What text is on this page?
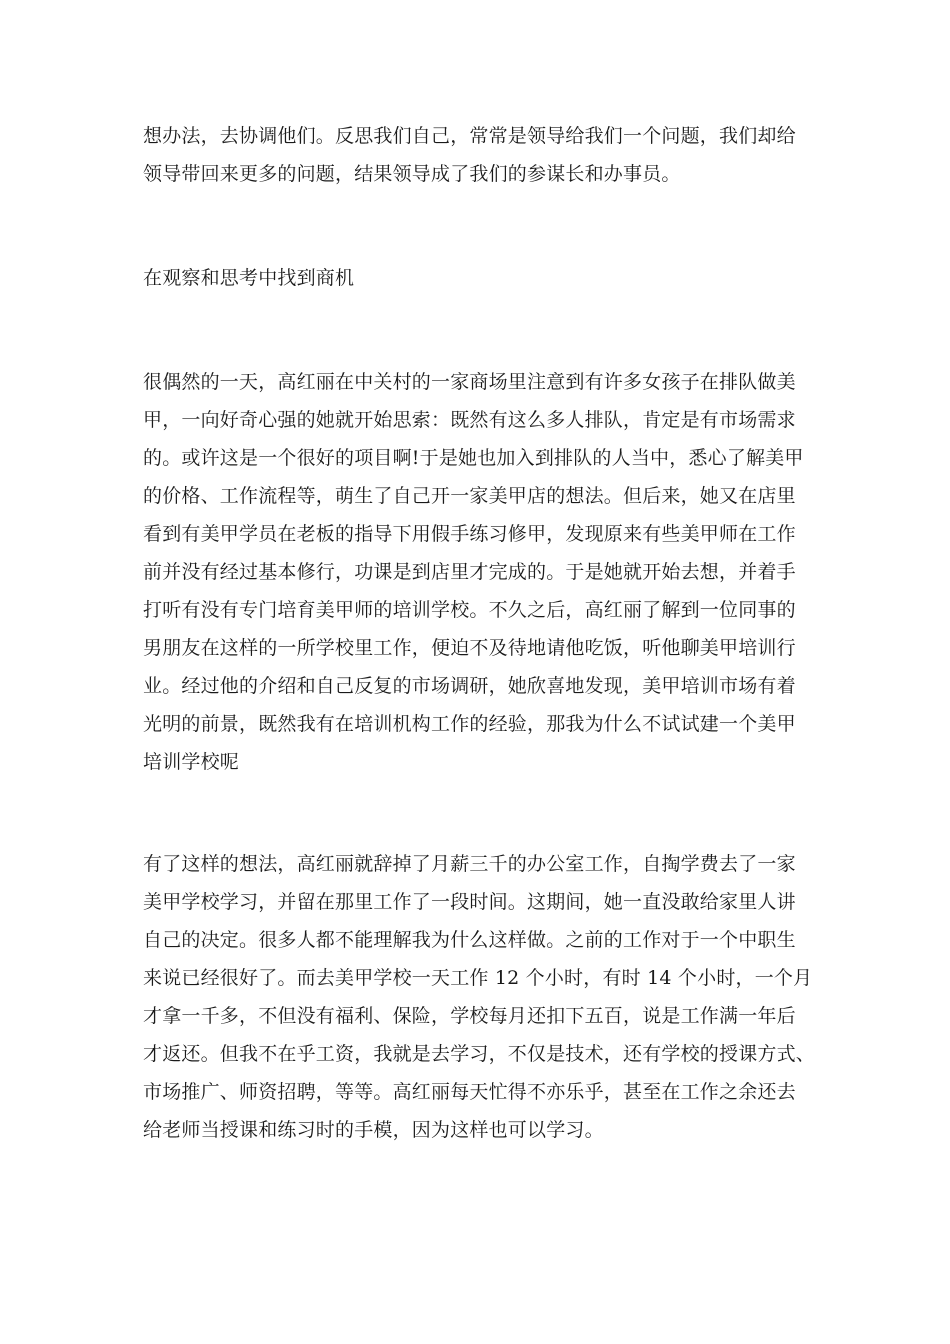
想办法，去协调他们。反思我们自己，常常是领导给我们一个问题，我们却给
领导带回来更多的问题，结果领导成了我们的参谋长和办事员。
在观察和思考中找到商机
很偶然的一天，高红丽在中关村的一家商场里注意到有许多女孩子在排队做美
甲，一向好奇心强的她就开始思索：既然有这么多人排队，肯定是有市场需求
的。或许这是一个很好的项目啊!于是她也加入到排队的人当中，悉心了解美甲
的价格、工作流程等，萌生了自己开一家美甲店的想法。但后来，她又在店里
看到有美甲学员在老板的指导下用假手练习修甲，发现原来有些美甲师在工作
前并没有经过基本修行，功课是到店里才完成的。于是她就开始去想，并着手
打听有没有专门培育美甲师的培训学校。不久之后，高红丽了解到一位同事的
男朋友在这样的一所学校里工作，便迫不及待地请他吃饭，听他聊美甲培训行
业。经过他的介绍和自己反复的市场调研，她欣喜地发现，美甲培训市场有着
光明的前景，既然我有在培训机构工作的经验，那我为什么不试试建一个美甲
培训学校呢
有了这样的想法，高红丽就辞掉了月薪三千的办公室工作，自掏学费去了一家
美甲学校学习，并留在那里工作了一段时间。这期间，她一直没敢给家里人讲
自己的决定。很多人都不能理解我为什么这样做。之前的工作对于一个中职生
来说已经很好了。而去美甲学校一天工作 12 个小时，有时 14 个小时，一个月
才拿一千多，不但没有福利、保险，学校每月还扣下五百，说是工作满一年后
才返还。但我不在乎工资，我就是去学习，不仅是技术，还有学校的授课方式、
市场推广、师资招聘，等等。高红丽每天忙得不亦乐乎，甚至在工作之余还去
给老师当授课和练习时的手模，因为这样也可以学习。
